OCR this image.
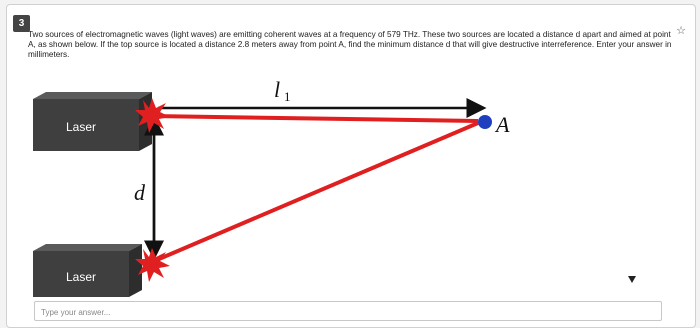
3
☆
Two sources of electromagnetic waves (light waves) are emitting coherent waves at a frequency of 579 THz. These two sources are located a distance d apart and aimed at point A, as shown below. If the top source is located a distance 2.8 meters away from point A, find the minimum distance d that will give destructive interreference. Enter your answer in millimeters.
Laser
Laser
A
l 1
d
Type your answer...
